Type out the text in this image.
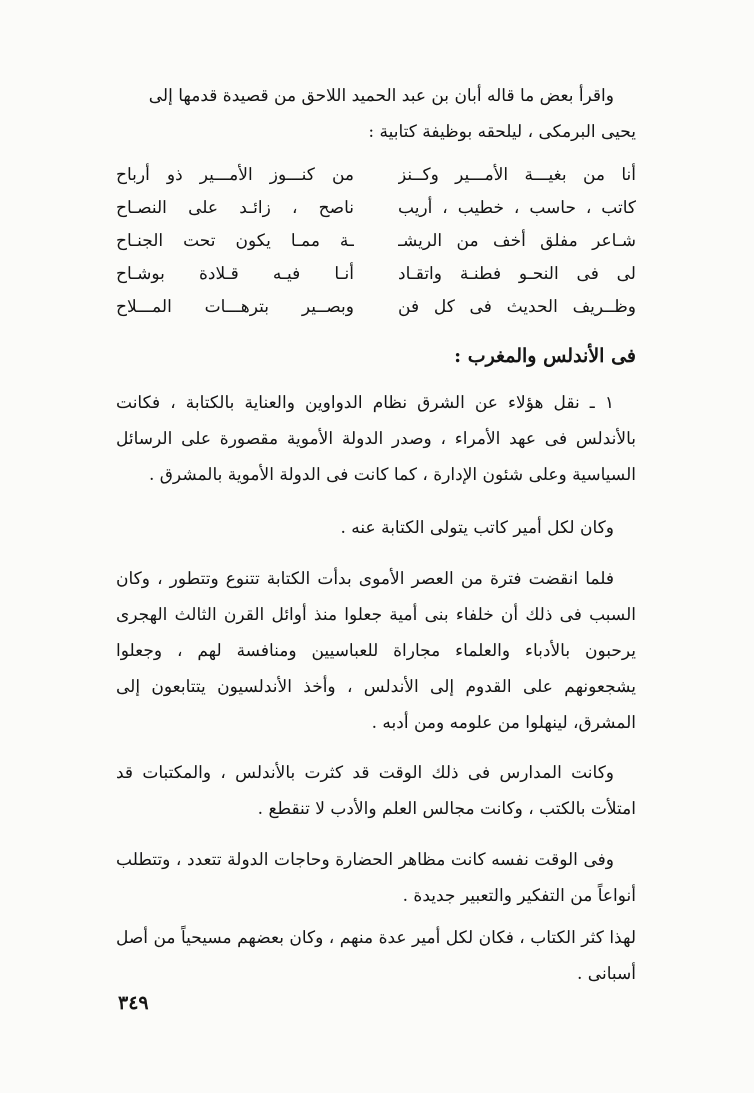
واقرأ بعض ما قاله أبان بن عبد الحميد اللاحق من قصيدة قدمها إلى
يحيى البرمكى ، ليلحقه بوظيفة كتابية :
أنا من بغيـــة الأمـــير وكــنز
من كنـــوز الأمـــير ذو أرباح
كاتب ، حاسب ، خطيب ، أريب
ناصح ، زائـد على النصـاح
شـاعر مفلق أخف من الريشـ
ـة ممـا يكون تحت الجنـاح
لى فى النحـو فطنـة واتقـاد
أنـا فيـه قـلادة بوشـاح
وظــريف الحديث فى كل فن
وبصــير بترهـــات المـــلاح
فى الأندلس والمغرب :
١ ـ نقل هؤلاء عن الشرق نظام الدواوين والعناية بالكتابة ، فكانت بالأندلس فى عهد الأمراء ، وصدر الدولة الأموية مقصورة على الرسائل السياسية وعلى شئون الإدارة ، كما كانت فى الدولة الأموية بالمشرق .
وكان لكل أمير كاتب يتولى الكتابة عنه .
فلما انقضت فترة من العصر الأموى بدأت الكتابة تتنوع وتتطور ، وكان السبب فى ذلك أن خلفاء بنى أمية جعلوا منذ أوائل القرن الثالث الهجرى يرحبون بالأدباء والعلماء مجاراة للعباسيين ومنافسة لهم ، وجعلوا يشجعونهم على القدوم إلى الأندلس ، وأخذ الأندلسيون يتتابعون إلى المشرق، لينهلوا من علومه ومن أدبه .
وكانت المدارس فى ذلك الوقت قد كثرت بالأندلس ، والمكتبات قد امتلأت بالكتب ، وكانت مجالس العلم والأدب لا تنقطع .
وفى الوقت نفسه كانت مظاهر الحضارة وحاجات الدولة تتعدد ، وتتطلب أنواعاً من التفكير والتعبير جديدة .
لهذا كثر الكتاب ، فكان لكل أمير عدة منهم ، وكان بعضهم مسيحياً من أصل أسبانى .
٣٤٩
